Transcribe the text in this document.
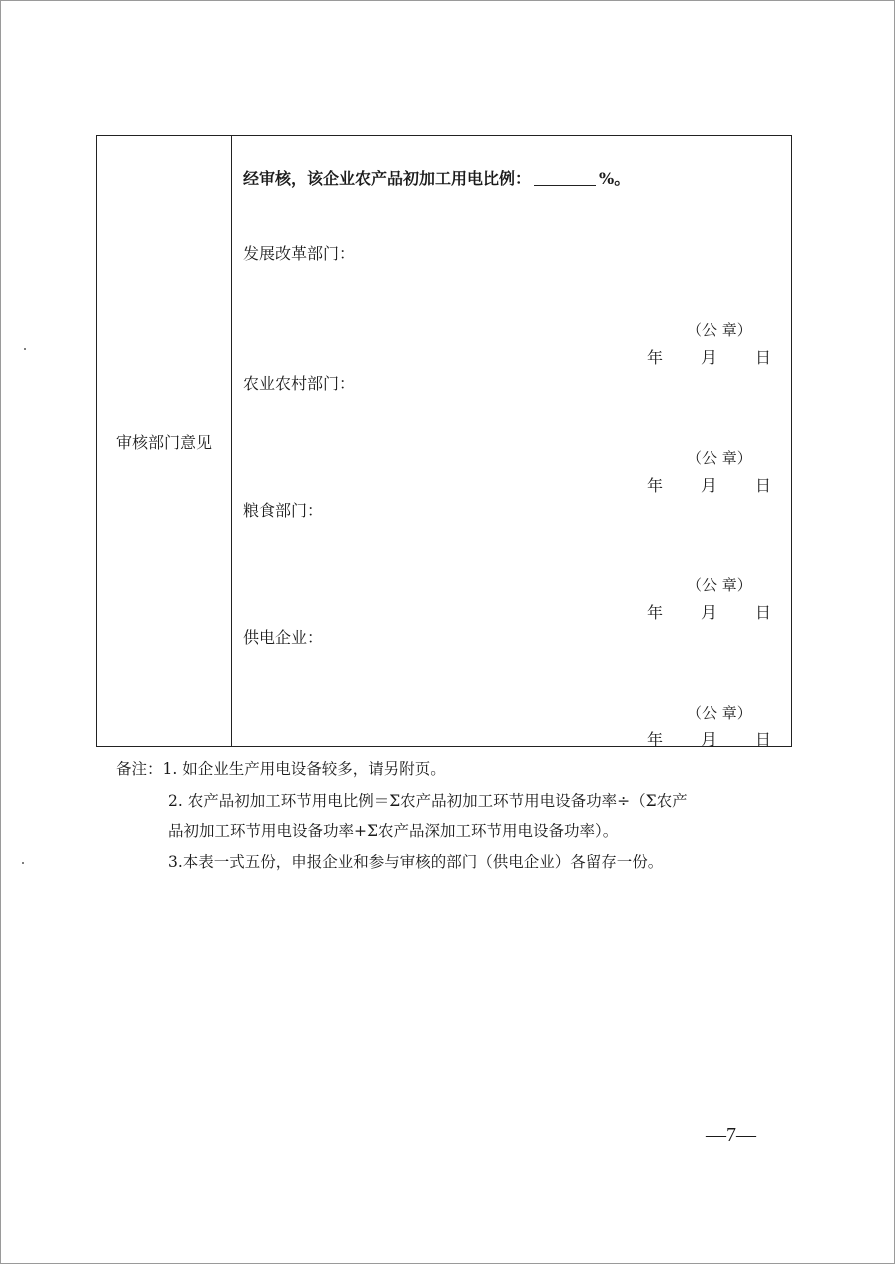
审核部门意见
经审核，该企业农产品初加工用电比例：	%。
发展改革部门：
（公 章）
年 月 日
农业农村部门：
（公 章）
年 月 日
粮食部门：
（公 章）
年 月 日
供电企业：
（公 章）
年 月 日
备注：1. 如企业生产用电设备较多，请另附页。
2. 农产品初加工环节用电比例＝Σ农产品初加工环节用电设备功率÷（Σ农产
品初加工环节用电设备功率+Σ农产品深加工环节用电设备功率）。
3.本表一式五份，申报企业和参与审核的部门（供电企业）各留存一份。
—7—
